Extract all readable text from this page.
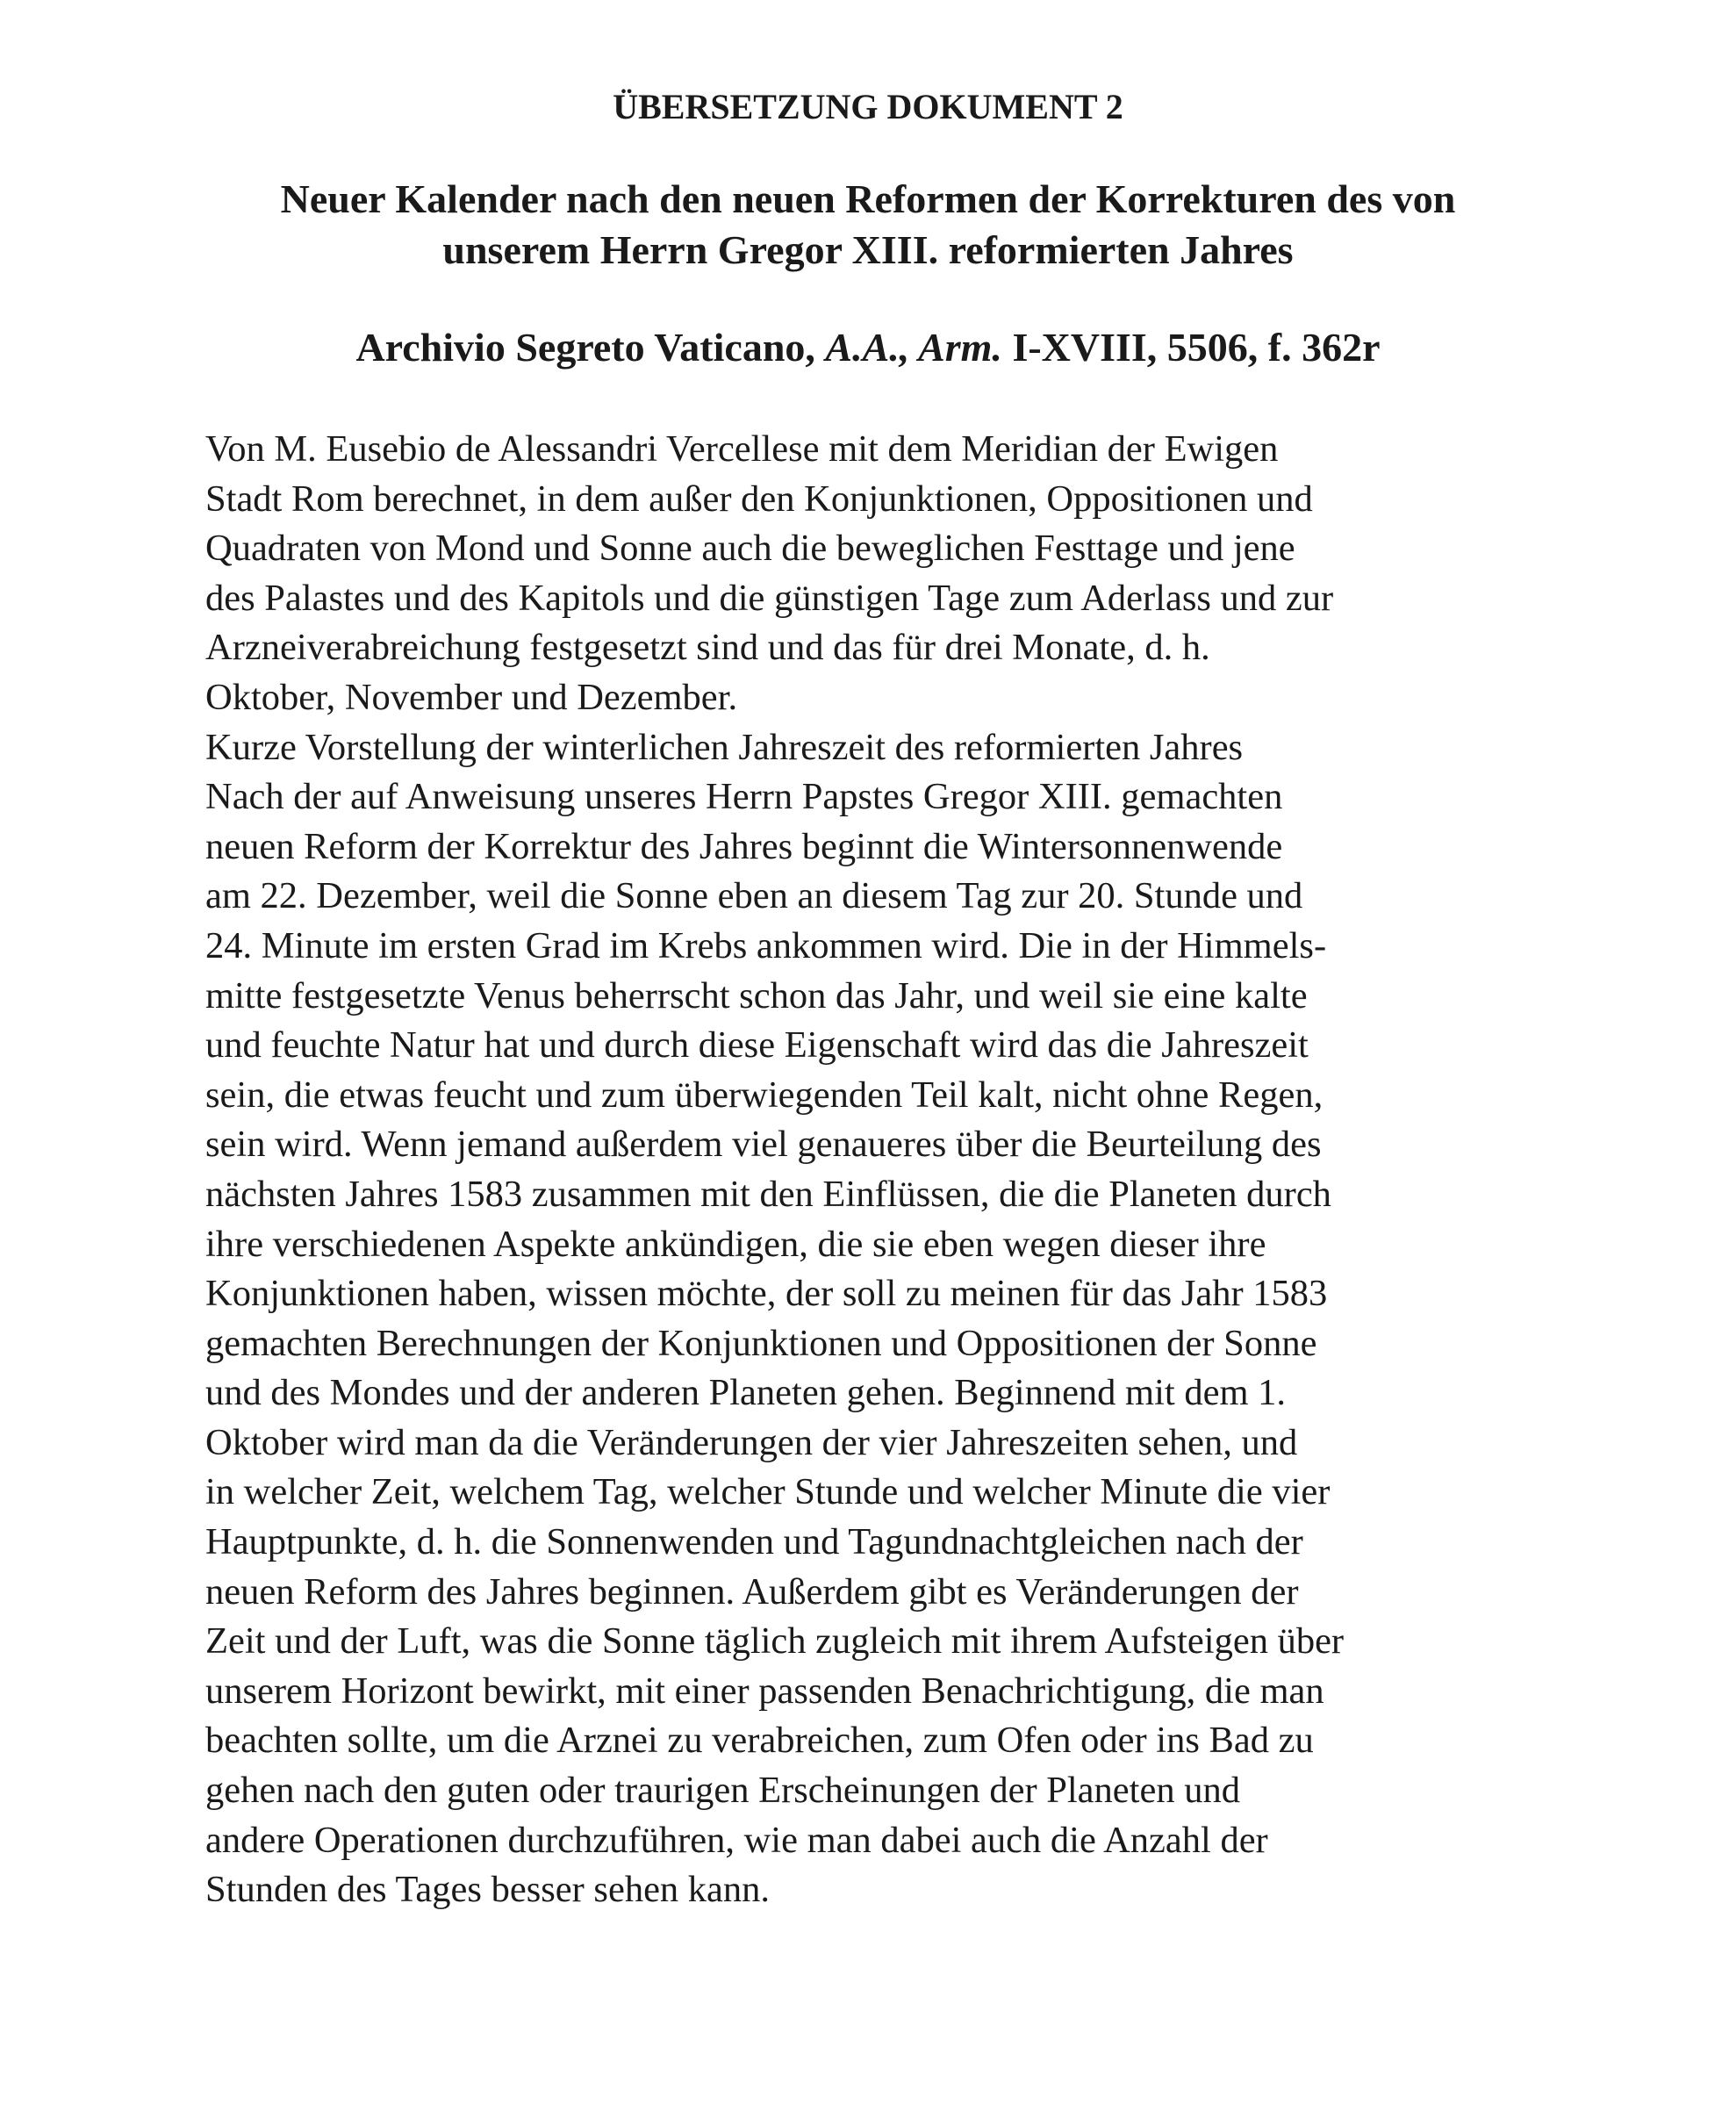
ÜBERSETZUNG DOKUMENT 2
Neuer Kalender nach den neuen Reformen der Korrekturen des von
unserem Herrn Gregor XIII. reformierten Jahres
Archivio Segreto Vaticano, A.A., Arm. I-XVIII, 5506, f. 362r
Von M. Eusebio de Alessandri Vercellese mit dem Meridian der Ewigen
Stadt Rom berechnet, in dem außer den Konjunktionen, Oppositionen und
Quadraten von Mond und Sonne auch die beweglichen Festtage und jene
des Palastes und des Kapitols und die günstigen Tage zum Aderlass und zur
Arzneiverabreichung festgesetzt sind und das für drei Monate, d. h.
Oktober, November und Dezember.
Kurze Vorstellung der winterlichen Jahreszeit des reformierten Jahres
Nach der auf Anweisung unseres Herrn Papstes Gregor XIII. gemachten
neuen Reform der Korrektur des Jahres beginnt die Wintersonnenwende
am 22. Dezember, weil die Sonne eben an diesem Tag zur 20. Stunde und
24. Minute im ersten Grad im Krebs ankommen wird. Die in der Himmels-
mitte festgesetzte Venus beherrscht schon das Jahr, und weil sie eine kalte
und feuchte Natur hat und durch diese Eigenschaft wird das die Jahreszeit
sein, die etwas feucht und zum überwiegenden Teil kalt, nicht ohne Regen,
sein wird. Wenn jemand außerdem viel genaueres über die Beurteilung des
nächsten Jahres 1583 zusammen mit den Einflüssen, die die Planeten durch
ihre verschiedenen Aspekte ankündigen, die sie eben wegen dieser ihre
Konjunktionen haben, wissen möchte, der soll zu meinen für das Jahr 1583
gemachten Berechnungen der Konjunktionen und Oppositionen der Sonne
und des Mondes und der anderen Planeten gehen. Beginnend mit dem 1.
Oktober wird man da die Veränderungen der vier Jahreszeiten sehen, und
in welcher Zeit, welchem Tag, welcher Stunde und welcher Minute die vier
Hauptpunkte, d. h. die Sonnenwenden und Tagundnachtgleichen nach der
neuen Reform des Jahres beginnen. Außerdem gibt es Veränderungen der
Zeit und der Luft, was die Sonne täglich zugleich mit ihrem Aufsteigen über
unserem Horizont bewirkt, mit einer passenden Benachrichtigung, die man
beachten sollte, um die Arznei zu verabreichen, zum Ofen oder ins Bad zu
gehen nach den guten oder traurigen Erscheinungen der Planeten und
andere Operationen durchzuführen, wie man dabei auch die Anzahl der
Stunden des Tages besser sehen kann.
